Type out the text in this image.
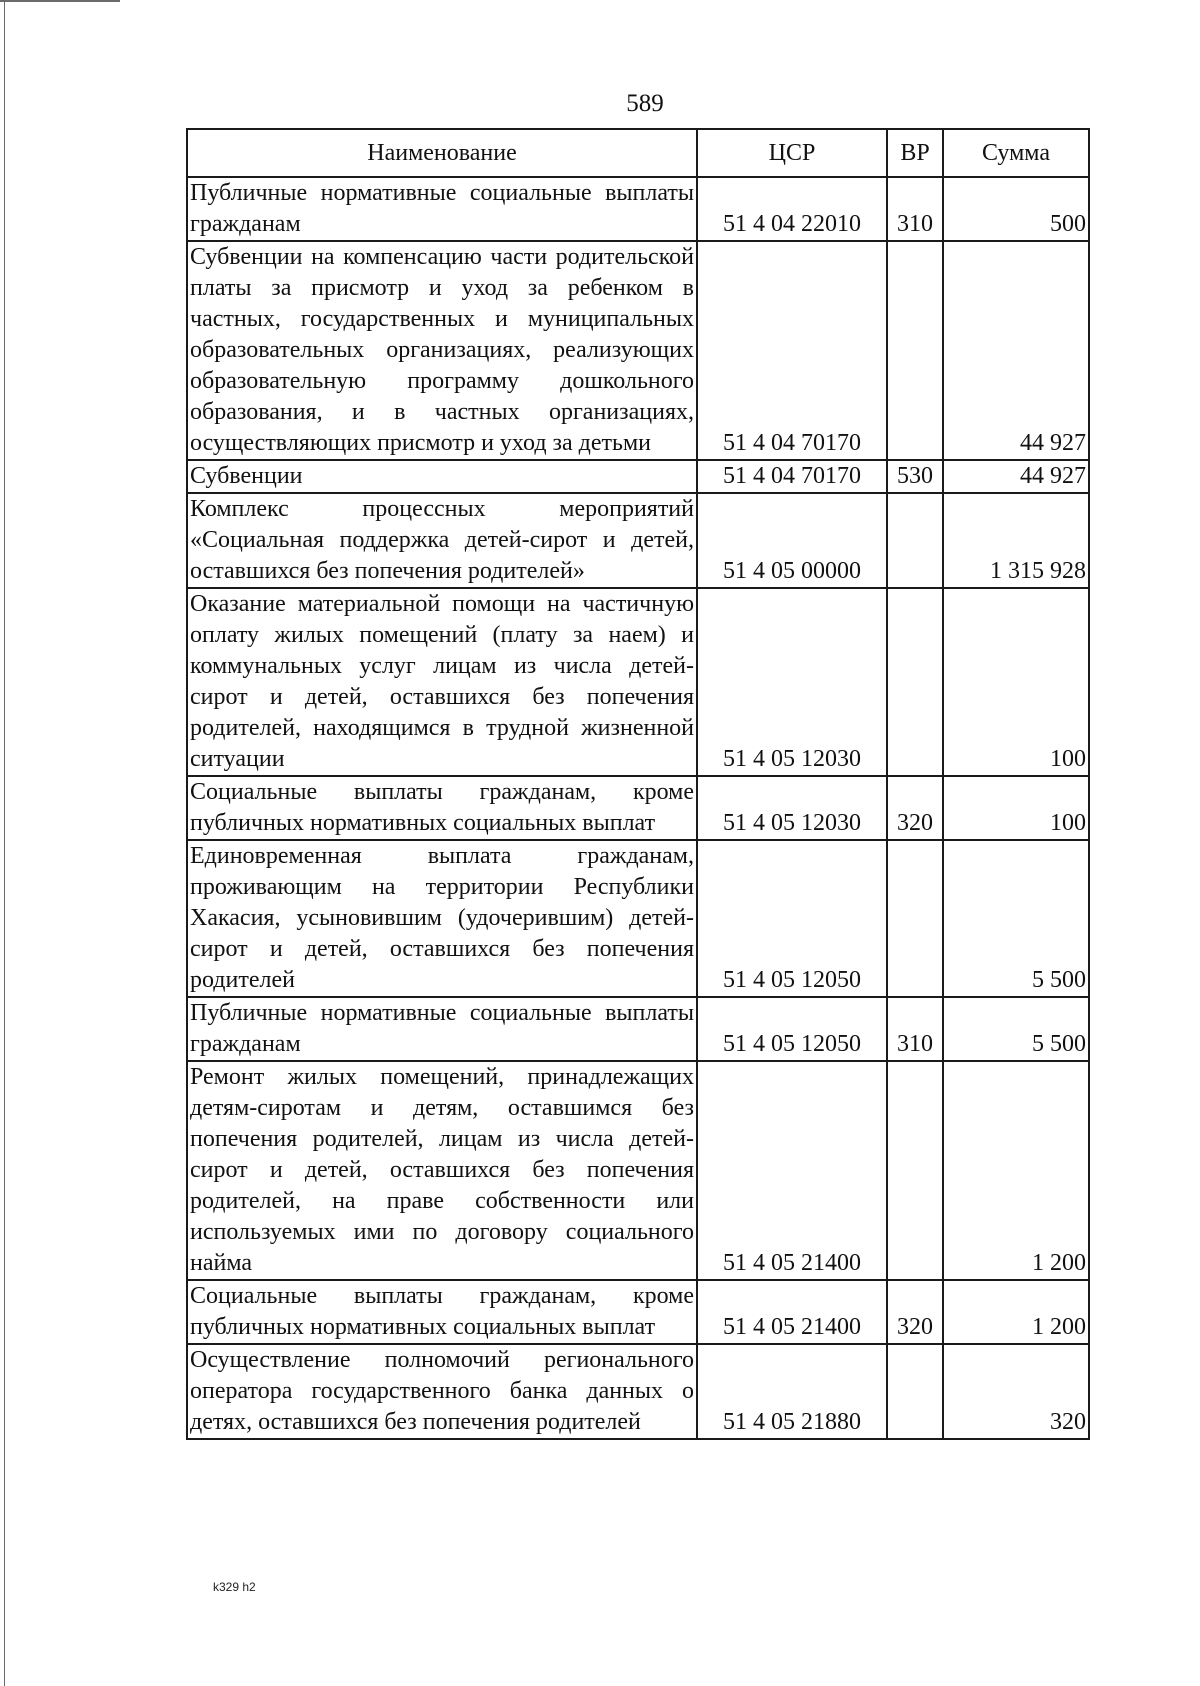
589
Наименование	ЦСР	ВР	Сумма
Публичные нормативные социальные выплаты гражданам	51 4 04 22010	310	500
Субвенции на компенсацию части родительской платы за присмотр и уход за ребенком в частных, государственных и муниципальных образовательных организациях, реализующих образовательную программу дошкольного образования, и в частных организациях, осуществляющих присмотр и уход за детьми	51 4 04 70170		44 927
Субвенции	51 4 04 70170	530	44 927
Комплекс процессных мероприятий «Социальная поддержка детей-сирот и детей, оставшихся без попечения родителей»	51 4 05 00000		1 315 928
Оказание материальной помощи на частичную оплату жилых помещений (плату за наем) и коммунальных услуг лицам из числа детей-сирот и детей, оставшихся без попечения родителей, находящимся в трудной жизненной ситуации	51 4 05 12030		100
Социальные выплаты гражданам, кроме публичных нормативных социальных выплат	51 4 05 12030	320	100
Единовременная выплата гражданам, проживающим на территории Республики Хакасия, усыновившим (удочерившим) детей-сирот и детей, оставшихся без попечения родителей	51 4 05 12050		5 500
Публичные нормативные социальные выплаты гражданам	51 4 05 12050	310	5 500
Ремонт жилых помещений, принадлежащих детям-сиротам и детям, оставшимся без попечения родителей, лицам из числа детей-сирот и детей, оставшихся без попечения родителей, на праве собственности или используемых ими по договору социального найма	51 4 05 21400		1 200
Социальные выплаты гражданам, кроме публичных нормативных социальных выплат	51 4 05 21400	320	1 200
Осуществление полномочий регионального оператора государственного банка данных о детях, оставшихся без попечения родителей	51 4 05 21880		320
k329 h2
